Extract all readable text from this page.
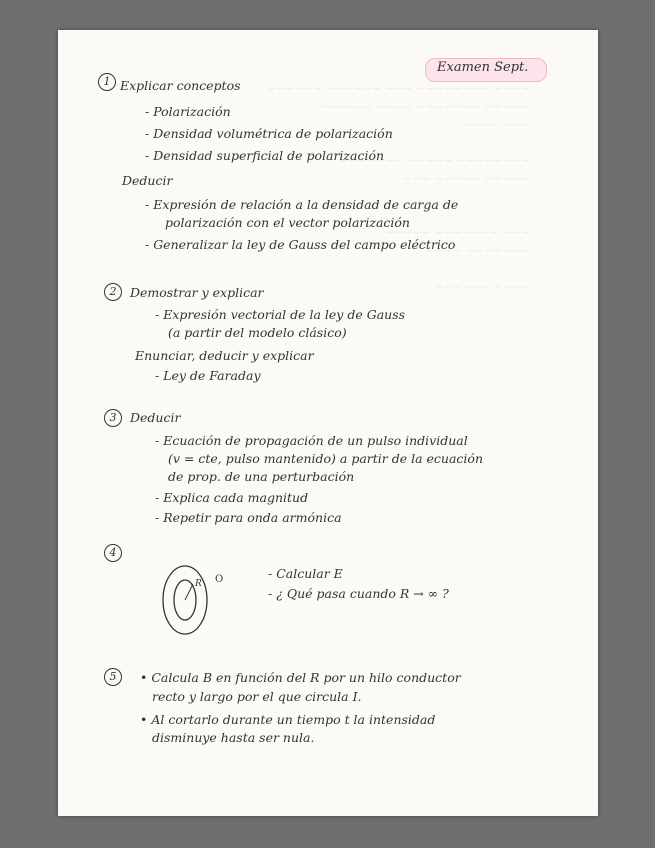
~~~~ ~~~~~~~~ ~~~ ~~~~~~ ~~~~~~
~~~~~ ~~~~~~~ ~~~~ ~~~~~~
~~~ ~~~~

~~~~~~~~ ~~~~~ ~~~~~~~
~~~~~ ~~~~~ ~~~

~~~ ~~~~~~~ ~~~~~
~~~~~~~ ~~~~

~~~~ ~~~~~~
Examen Sept.
1 Explicar conceptos
- Polarización
- Densidad volumétrica de polarización
- Densidad superficial de polarización
Deducir
- Expresión de relación a la densidad de carga de
polarización con el vector polarización
- Generalizar la ley de Gauss del campo eléctrico
2	Demostrar y explicar
- Expresión vectorial de la ley de Gauss
(a partir del modelo clásico)
Enunciar, deducir y explicar
- Ley de Faraday
3	Deducir
- Ecuación de propagación de un pulso individual
(v = cte, pulso mantenido) a partir de la ecuación
de prop. de una perturbación
- Explica cada magnitud
- Repetir para onda armónica
4
R O	- Calcular E
- ¿ Qué pasa cuando R → ∞ ?
5	• Calcula B en función del R por un hilo conductor
recto y largo por el que circula I.
• Al cortarlo durante un tiempo t la intensidad
disminuye hasta ser nula.
